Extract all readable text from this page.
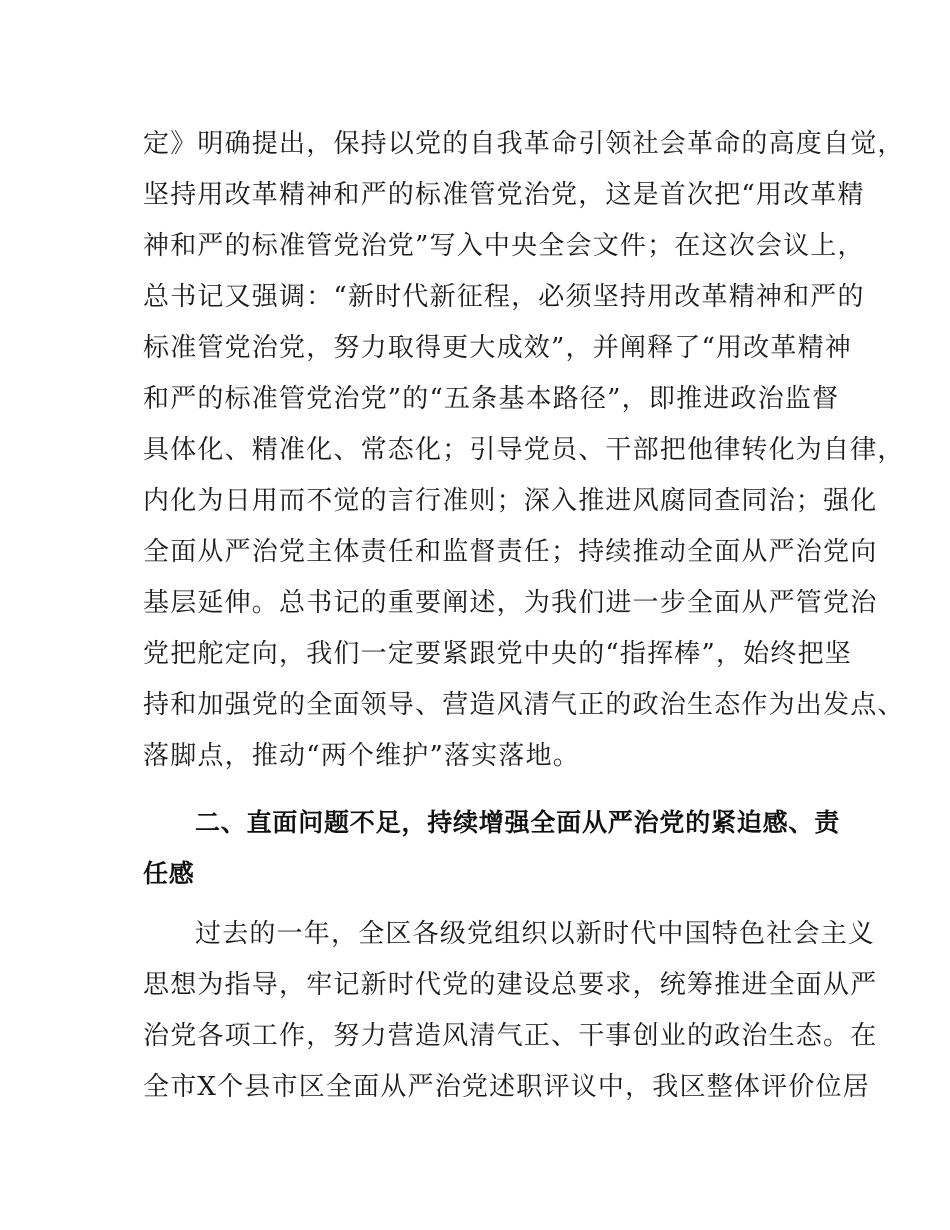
定》明确提出，保持以党的自我革命引领社会革命的高度自觉，
坚持用改革精神和严的标准管党治党，这是首次把“用改革精
神和严的标准管党治党”写入中央全会文件；在这次会议上，
总书记又强调：“新时代新征程，必须坚持用改革精神和严的
标准管党治党，努力取得更大成效”，并阐释了“用改革精神
和严的标准管党治党”的“五条基本路径”，即推进政治监督
具体化、精准化、常态化；引导党员、干部把他律转化为自律，
内化为日用而不觉的言行准则；深入推进风腐同查同治；强化
全面从严治党主体责任和监督责任；持续推动全面从严治党向
基层延伸。总书记的重要阐述，为我们进一步全面从严管党治
党把舵定向，我们一定要紧跟党中央的“指挥棒”，始终把坚
持和加强党的全面领导、营造风清气正的政治生态作为出发点、
落脚点，推动“两个维护”落实落地。
二、直面问题不足，持续增强全面从严治党的紧迫感、责
任感
过去的一年，全区各级党组织以新时代中国特色社会主义
思想为指导，牢记新时代党的建设总要求，统筹推进全面从严
治党各项工作，努力营造风清气正、干事创业的政治生态。在
全市X个县市区全面从严治党述职评议中，我区整体评价位居
